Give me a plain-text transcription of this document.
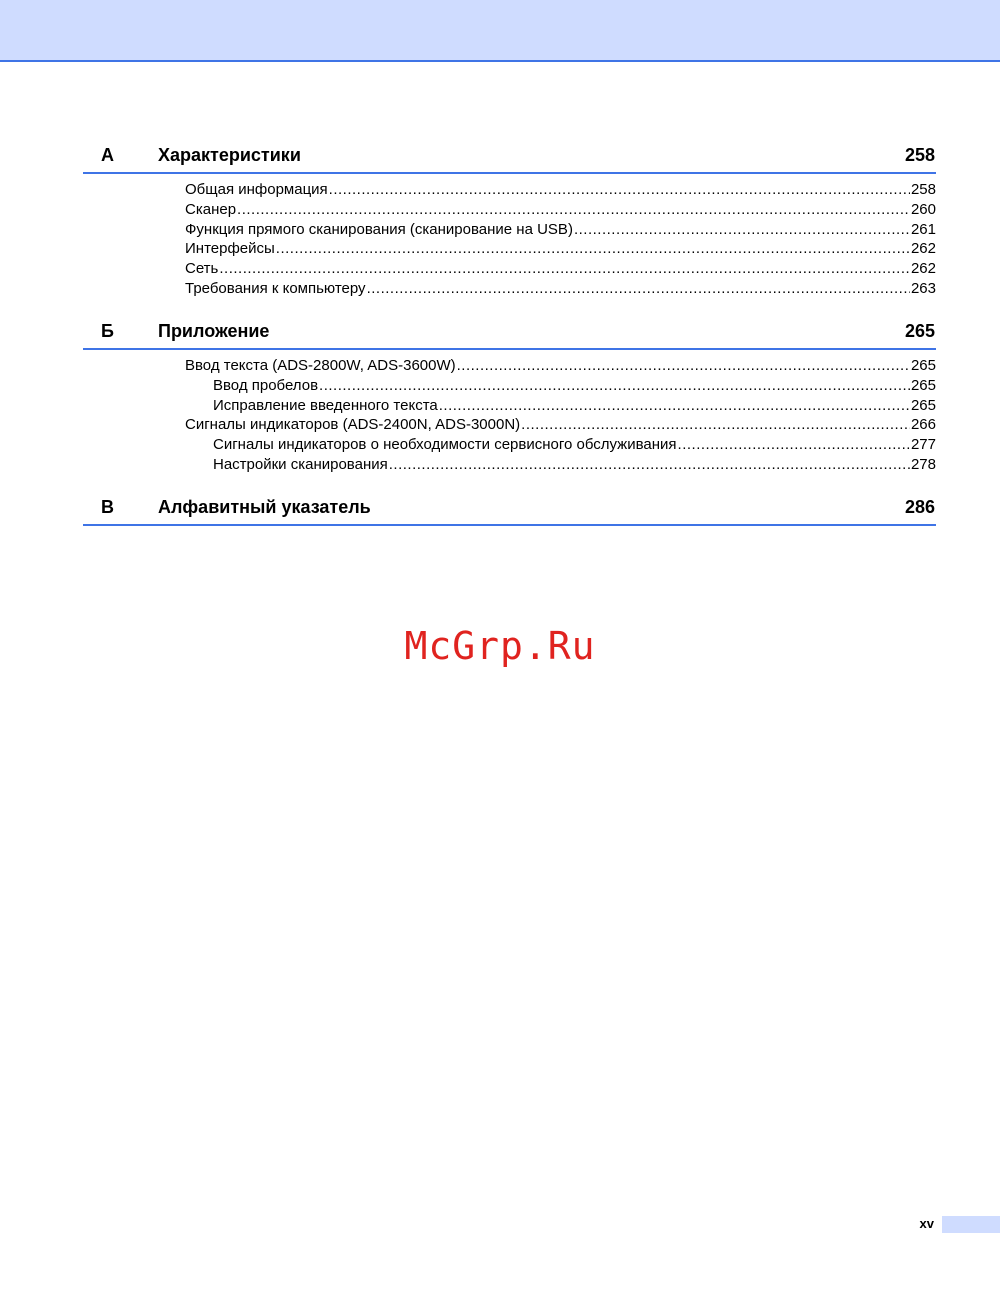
A Характеристики	258
Общая информация .....	258
Сканер .....	260
Функция прямого сканирования (сканирование на USB) .....	261
Интерфейсы .....	262
Сеть .....	262
Требования к компьютеру .....	263
Б Приложение	265
Ввод текста (ADS-2800W, ADS-3600W) .....	265
Ввод пробелов .....	265
Исправление введенного текста .....	265
Сигналы индикаторов (ADS-2400N, ADS-3000N) .....	266
Сигналы индикаторов о необходимости сервисного обслуживания .....	277
Настройки сканирования .....	278
В Алфавитный указатель	286
McGrp.Ru
xv
